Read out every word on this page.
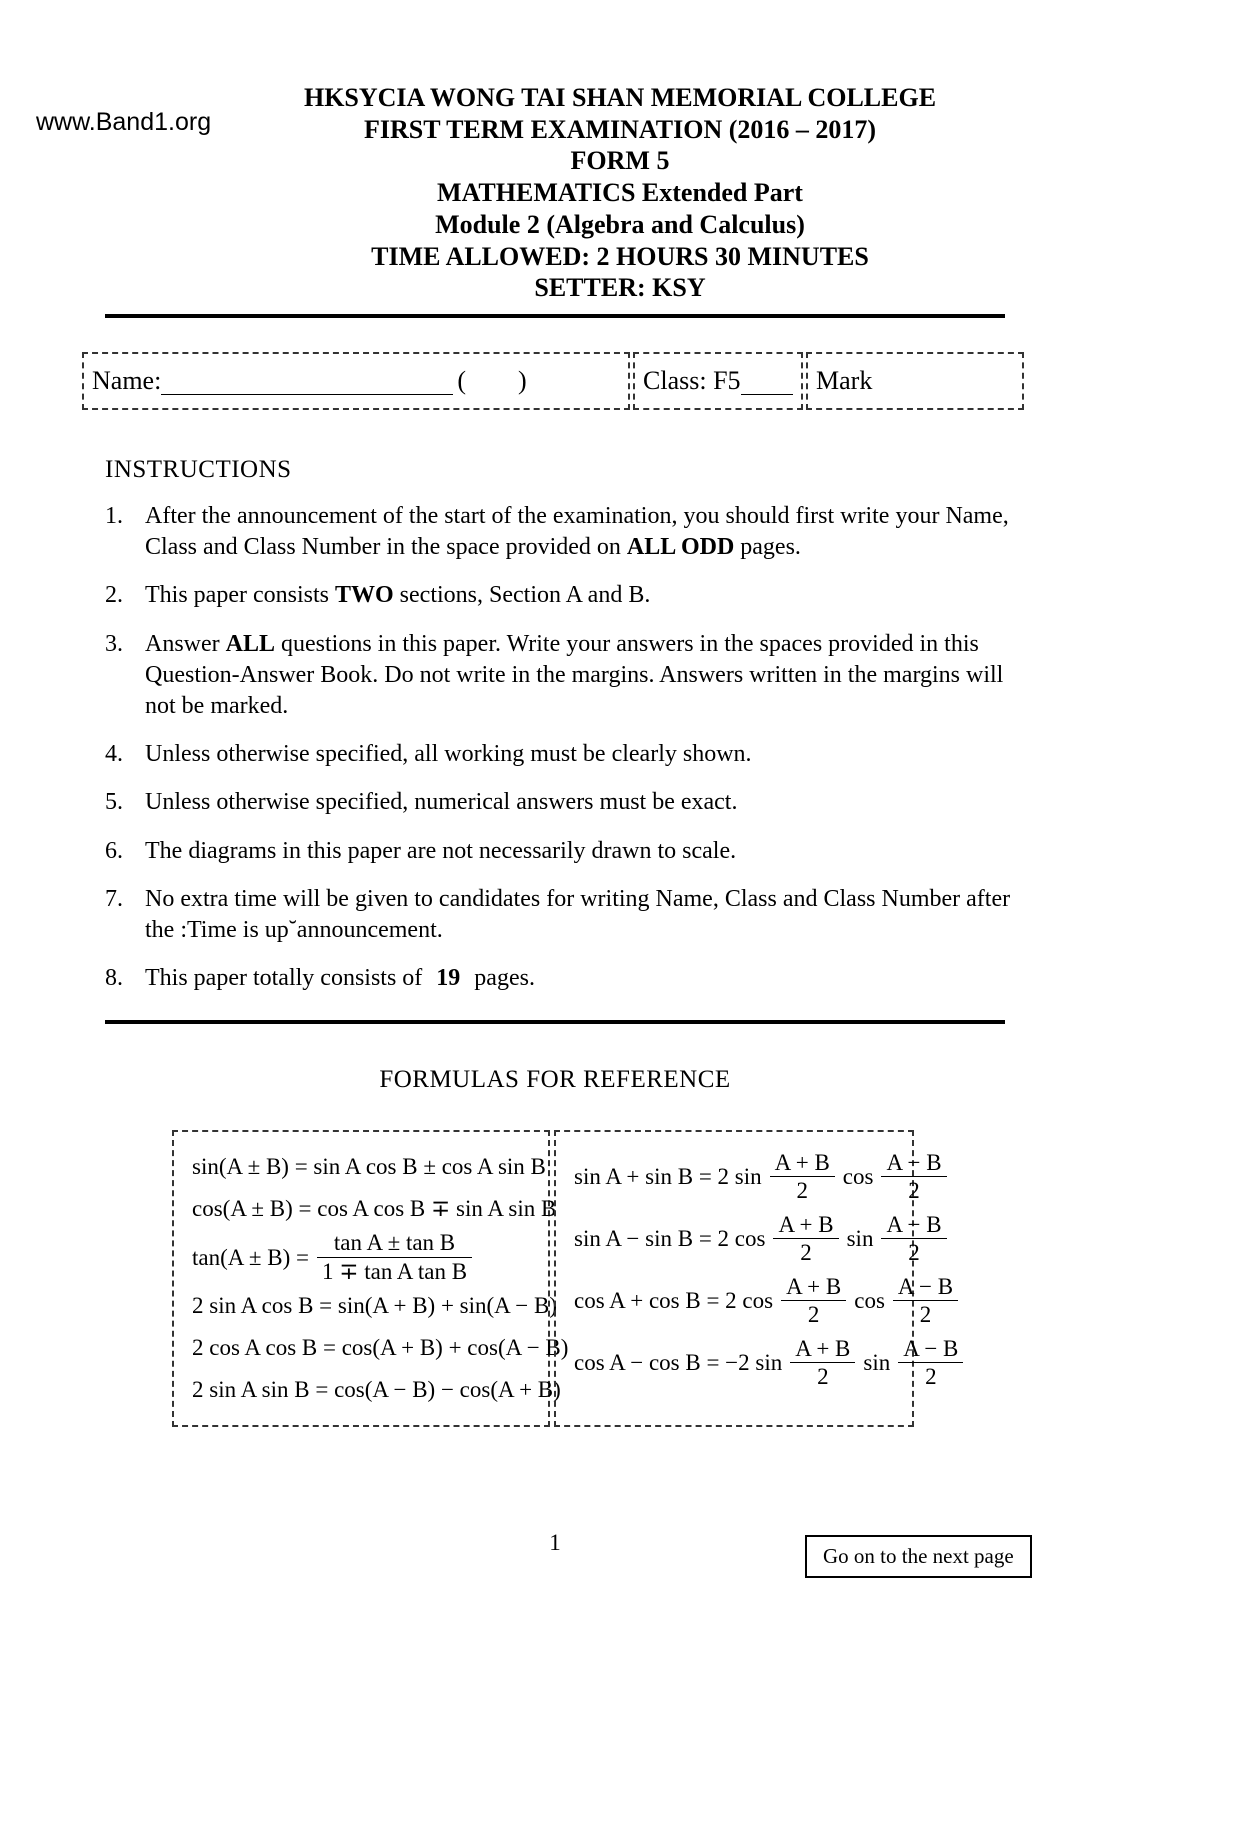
www.Band1.org
HKSYCIA WONG TAI SHAN MEMORIAL COLLEGE
FIRST TERM EXAMINATION (2016 – 2017)
FORM 5
MATHEMATICS Extended Part
Module 2 (Algebra and Calculus)
TIME ALLOWED: 2 HOURS 30 MINUTES
SETTER: KSY
Name:	( )	Class: F5	Mark
INSTRUCTIONS
1. After the announcement of the start of the examination, you should first write your Name, Class and Class Number in the space provided on ALL ODD pages.
2. This paper consists TWO sections, Section A and B.
3. Answer ALL questions in this paper. Write your answers in the spaces provided in this Question-Answer Book. Do not write in the margins. Answers written in the margins will not be marked.
4. Unless otherwise specified, all working must be clearly shown.
5. Unless otherwise specified, numerical answers must be exact.
6. The diagrams in this paper are not necessarily drawn to scale.
7. No extra time will be given to candidates for writing Name, Class and Class Number after the :Time is up˘announcement.
8. This paper totally consists of 19 pages.
FORMULAS FOR REFERENCE
sin(A ± B) = sin A cos B ± cos A sin B
cos(A ± B) = cos A cos B ∓ sin A sin B
$\tan(A \pm B) = \frac{\text{tan A ± tan B}}{\text{1 ∓ tan A tan B}}$
2 sin A cos B = sin(A + B) + sin(A − B)
2 cos A cos B = cos(A + B) + cos(A − B)
2 sin A sin B = cos(A − B) − cos(A + B)
sin A + sin B = 2 $\sin \frac{A + B}{2}$ $\cos \frac{A - B}{2}$
sin A − sin B = 2 $\cos \frac{A + B}{2}$ $\sin \frac{A - B}{2}$
cos A + cos B = 2 $\cos \frac{A + B}{2}$ $\cos \frac{A - B}{2}$
cos A − cos B = −2 $\sin \frac{A + B}{2}$ $\sin \frac{A - B}{2}$
1
Go on to the next page
